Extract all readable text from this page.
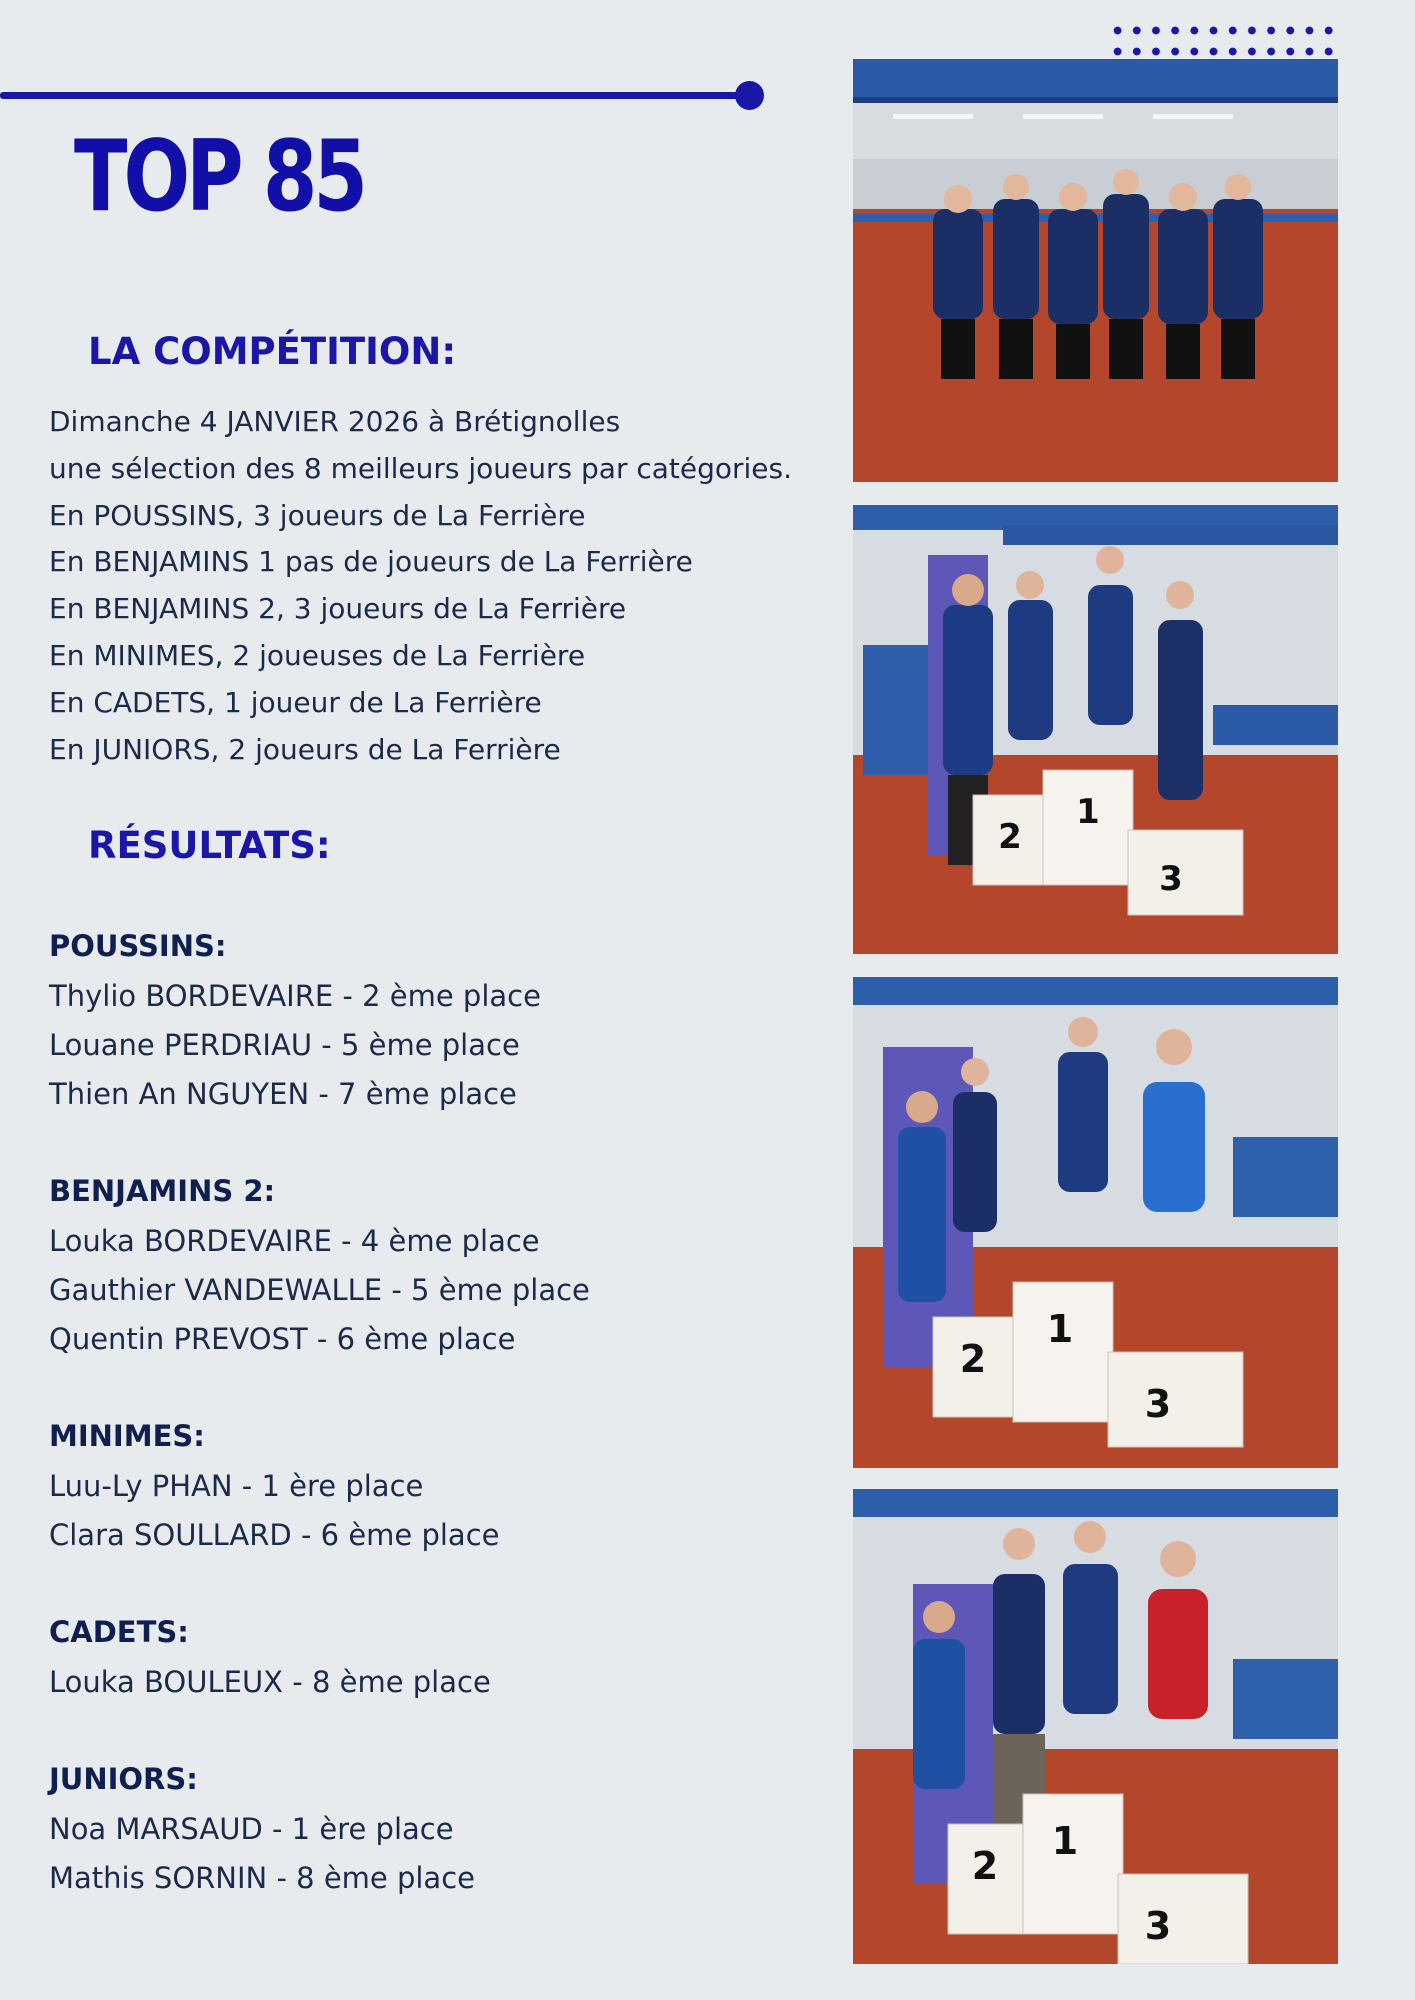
TOP 85
LA COMPÉTITION:
Dimanche 4 JANVIER 2026 à Brétignolles
une sélection des 8 meilleurs joueurs par catégories.
En POUSSINS, 3 joueurs de La Ferrière
En BENJAMINS 1 pas de joueurs de La Ferrière
En BENJAMINS 2, 3 joueurs de La Ferrière
En MINIMES, 2 joueuses de La Ferrière
En CADETS, 1 joueur de La Ferrière
En JUNIORS, 2 joueurs de La Ferrière
RÉSULTATS:
POUSSINS:
Thylio BORDEVAIRE - 2 ème place
Louane PERDRIAU - 5 ème place
Thien An NGUYEN - 7 ème place
BENJAMINS 2:
Louka BORDEVAIRE - 4 ème place
Gauthier VANDEWALLE - 5 ème place
Quentin PREVOST - 6 ème place
MINIMES:
Luu-Ly PHAN - 1 ère place
Clara SOULLARD - 6 ème place
CADETS:
Louka BOULEUX - 8 ème place
JUNIORS:
Noa MARSAUD - 1 ère place
Mathis SORNIN - 8 ème place
2
1
3
2
1
3
2
1
3
